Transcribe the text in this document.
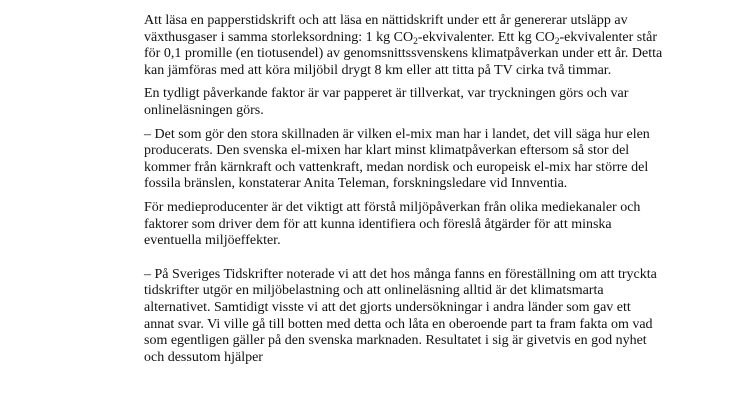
Att läsa en papperstidskrift och att läsa en nättidskrift under ett år genererar utsläpp av växthusgaser i samma storleksordning: 1 kg $CO_2$-ekvivalenter. Ett kg $CO_2$-ekvivalenter står för 0,1 promille (en tiotusendel) av genomsnittssvenskens klimatpåverkan under ett år. Detta kan jämföras med att köra miljöbil drygt 8 km eller att titta på TV cirka två timmar.

En tydligt påverkande faktor är var papperet är tillverkat, var tryckningen görs och var onlineläsningen görs.

– Det som gör den stora skillnaden är vilken el-mix man har i landet, det vill säga hur elen producerats. Den svenska el-mixen har klart minst klimatpåverkan eftersom så stor del kommer från kärnkraft och vattenkraft, medan nordisk och europeisk el-mix har större del fossila bränslen, konstaterar Anita Teleman, forskningsledare vid Innventia.

För medieproducenter är det viktigt att förstå miljöpåverkan från olika mediekanaler och faktorer som driver dem för att kunna identifiera och föreslå åtgärder för att minska eventuella miljöeffekter.

– På Sveriges Tidskrifter noterade vi att det hos många fanns en föreställning om att tryckta tidskrifter utgör en miljöbelastning och att onlineläsning alltid är det klimatsmarta alternativet. Samtidigt visste vi att det gjorts undersökningar i andra länder som gav ett annat svar. Vi ville gå till botten med detta och låta en oberoende part ta fram fakta om vad som egentligen gäller på den svenska marknaden. Resultatet i sig är givetvis en god nyhet och dessutom hjälper
